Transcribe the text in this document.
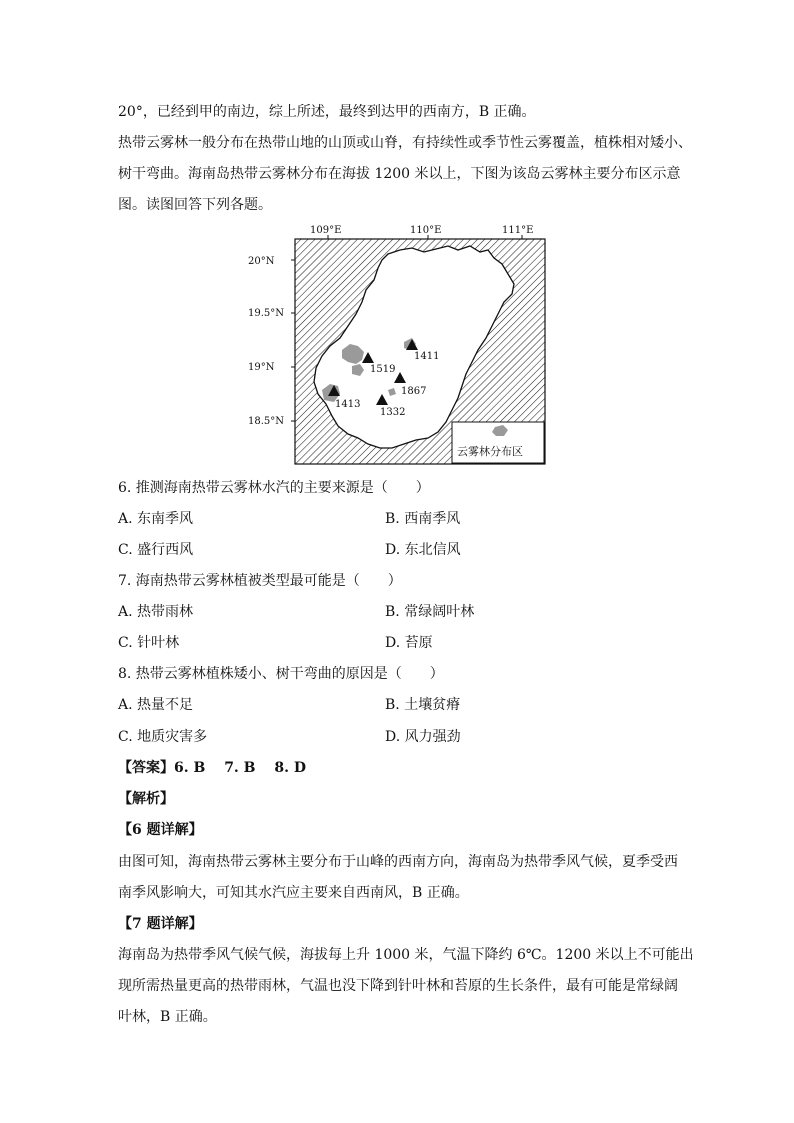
20°，已经到甲的南边，综上所述，最终到达甲的西南方，B 正确。
热带云雾林一般分布在热带山地的山顶或山脊，有持续性或季节性云雾覆盖，植株相对矮小、
树干弯曲。海南岛热带云雾林分布在海拔 1200 米以上，下图为该岛云雾林主要分布区示意
图。读图回答下列各题。
109°E	110°E	111°E
20°N
19.5°N
19°N
18.5°N
1411
1519
1867
1413
1332
云雾林分布区
6. 推测海南热带云雾林水汽的主要来源是（　　）
A. 东南季风	B. 西南季风
C. 盛行西风	D. 东北信风
7. 海南热带云雾林植被类型最可能是（　　）
A. 热带雨林	B. 常绿阔叶林
C. 针叶林	D. 苔原
8. 热带云雾林植株矮小、树干弯曲的原因是（　　）
A. 热量不足	B. 土壤贫瘠
C. 地质灾害多	D. 风力强劲
【答案】6. B　 7. B　 8. D
【解析】
【6 题详解】
由图可知，海南热带云雾林主要分布于山峰的西南方向，海南岛为热带季风气候，夏季受西
南季风影响大，可知其水汽应主要来自西南风，B 正确。
【7 题详解】
海南岛为热带季风气候气候，海拔每上升 1000 米，气温下降约 6℃。1200 米以上不可能出
现所需热量更高的热带雨林，气温也没下降到针叶林和苔原的生长条件，最有可能是常绿阔
叶林，B 正确。
